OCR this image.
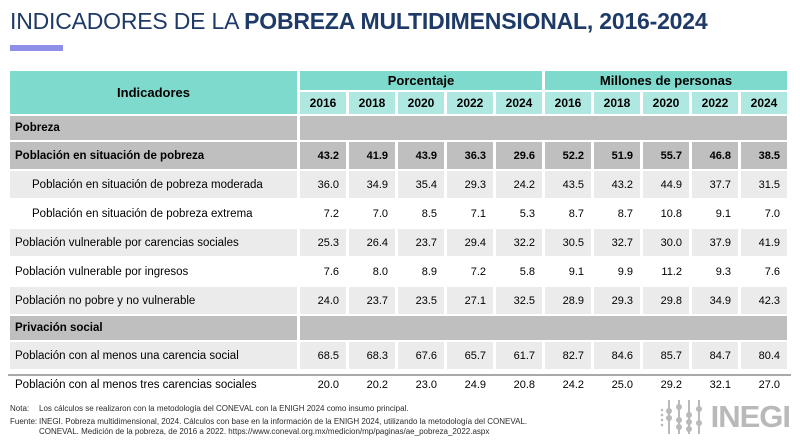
INDICADORES DE LA POBREZA MULTIDIMENSIONAL, 2016-2024
Indicadores	Porcentaje					Millones de personas				
	2016	2018	2020	2022	2024	2016	2018	2020	2022	2024
Pobreza										
Población en situación de pobreza	43.2	41.9	43.9	36.3	29.6	52.2	51.9	55.7	46.8	38.5
Población en situación de pobreza moderada	36.0	34.9	35.4	29.3	24.2	43.5	43.2	44.9	37.7	31.5
Población en situación de pobreza extrema	7.2	7.0	8.5	7.1	5.3	8.7	8.7	10.8	9.1	7.0
Población vulnerable por carencias sociales	25.3	26.4	23.7	29.4	32.2	30.5	32.7	30.0	37.9	41.9
Población vulnerable por ingresos	7.6	8.0	8.9	7.2	5.8	9.1	9.9	11.2	9.3	7.6
Población no pobre y no vulnerable	24.0	23.7	23.5	27.1	32.5	28.9	29.3	29.8	34.9	42.3
Privación social										
Población con al menos una carencia social	68.5	68.3	67.6	65.7	61.7	82.7	84.6	85.7	84.7	80.4
Población con al menos tres carencias sociales	20.0	20.2	23.0	24.9	20.8	24.2	25.0	29.2	32.1	27.0
Nota:	Los cálculos se realizaron con la metodología del CONEVAL con la ENIGH 2024 como insumo principal.
Fuente: INEGI. Pobreza multidimensional, 2024. Cálculos con base en la información de la ENIGH 2024, utilizando la metodología del CONEVAL.
CONEVAL. Medición de la pobreza, de 2016 a 2022. https://www.coneval.org.mx/medicion/mp/paginas/ae_pobreza_2022.aspx	INEGI
